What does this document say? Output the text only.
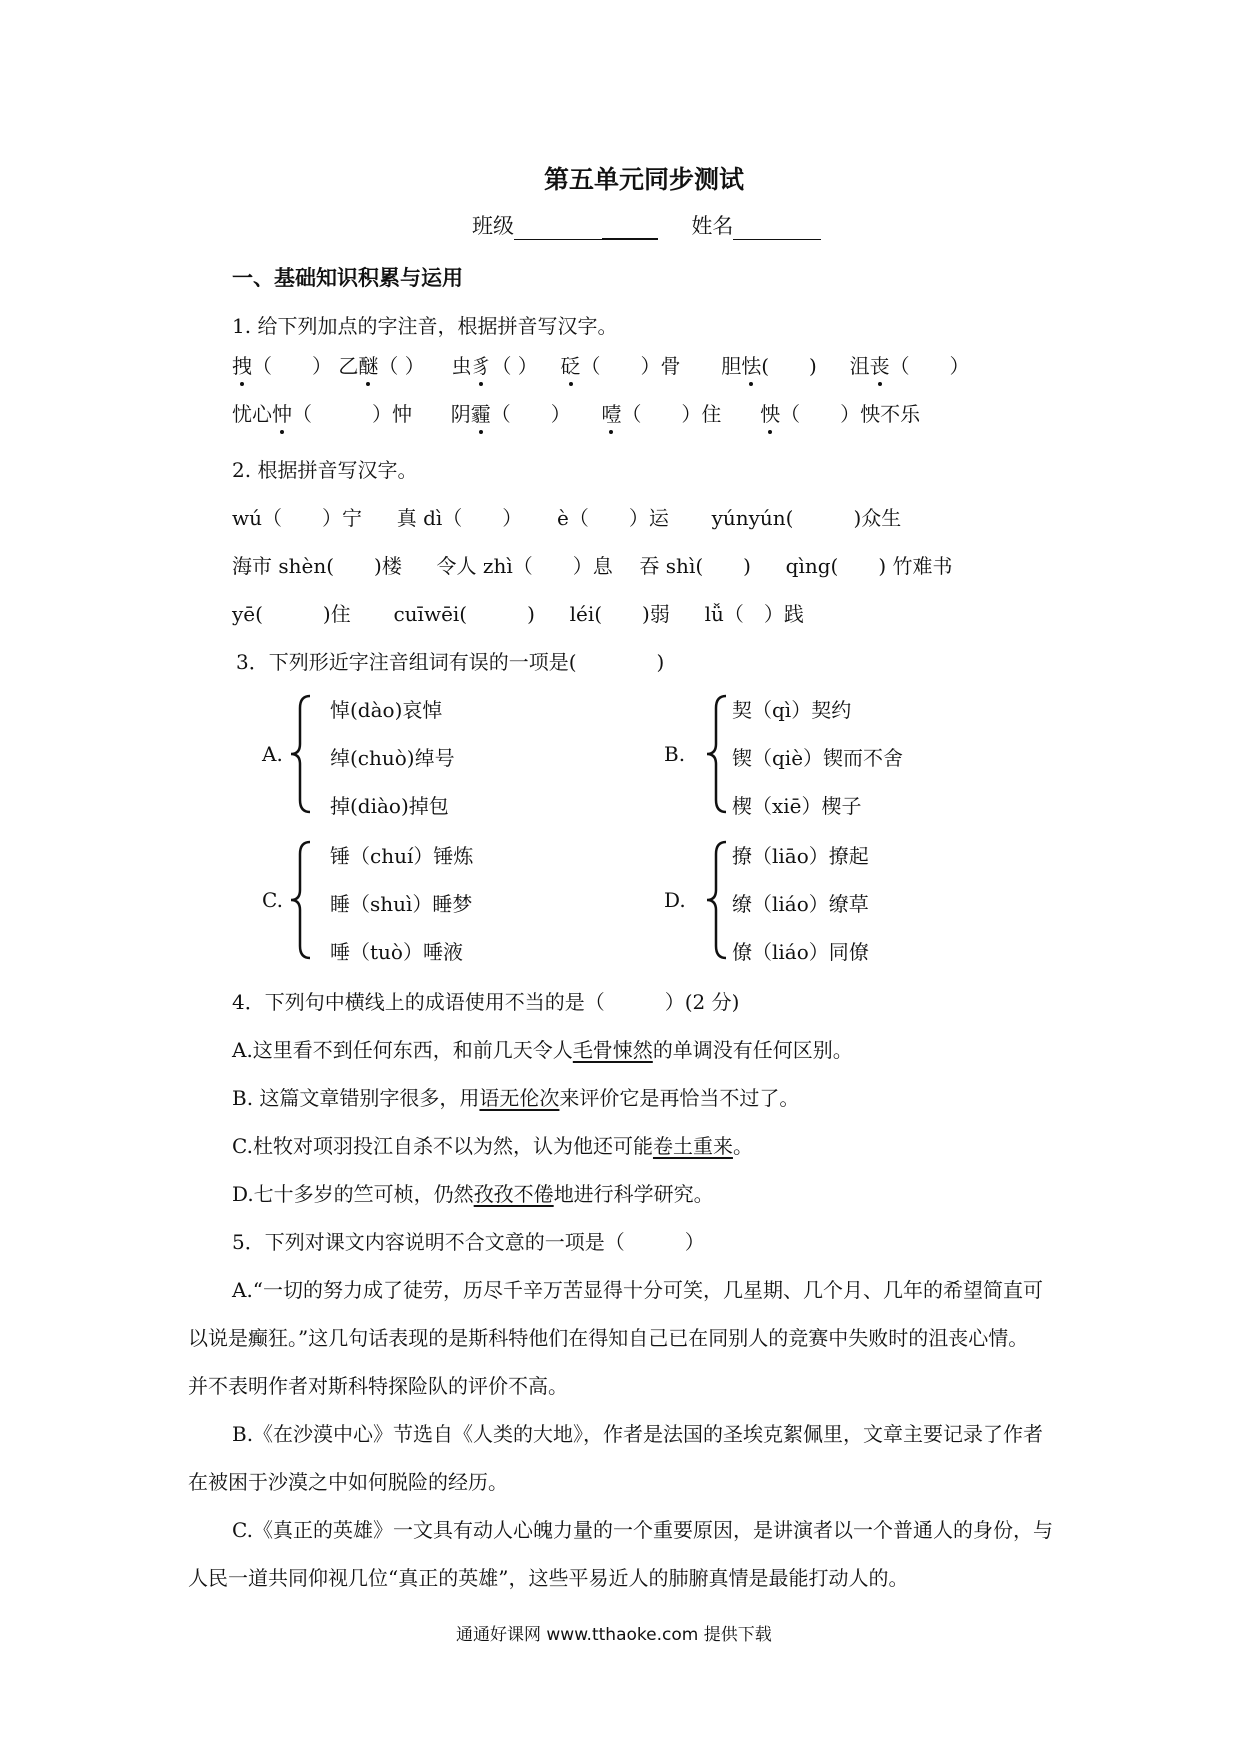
第五单元同步测试
班级	姓名
一、基础知识积累与运用
1. 给下列加点的字注音，根据拼音写汉字。
拽（　　） 乙醚（ ） 虫豸（ ） 砭（　　）骨 胆怯(　　) 沮丧（　　）
忧心忡（　　　）忡 阴霾（　　） 噎（　　）住 怏（　　）怏不乐
2. 根据拼音写汉字。
wú（　　）宁 真 dì（　　） è（　　）运 yúnyún(　　　)众生
海市 shèn(　　)楼 令人 zhì（　　）息 吞 shì(　　) qìng(　　) 竹难书
yē(　　　)住 cuīwēi(　　　) léi(　　)弱 lǚ（　）践
3．下列形近字注音组词有误的一项是(　　　　)
A.
悼(dào)哀悼
绰(chuò)绰号
掉(diào)掉包
B.
契（qì）契约
锲（qiè）锲而不舍
楔（xiē）楔子
C.
锤（chuí）锤炼
睡（shuì）睡梦
唾（tuò）唾液
D.
撩（liāo）撩起
缭（liáo）缭草
僚（liáo）同僚
4．下列句中横线上的成语使用不当的是（　　　）(2 分)
A.这里看不到任何东西，和前几天令人毛骨悚然的单调没有任何区别。
B. 这篇文章错别字很多，用语无伦次来评价它是再恰当不过了。
C.杜牧对项羽投江自杀不以为然，认为他还可能卷土重来。
D.七十多岁的竺可桢，仍然孜孜不倦地进行科学研究。
5．下列对课文内容说明不合文意的一项是（　　　）
A.“一切的努力成了徒劳，历尽千辛万苦显得十分可笑，几星期、几个月、几年的希望简直可
以说是癫狂。”这几句话表现的是斯科特他们在得知自己已在同别人的竞赛中失败时的沮丧心情。
并不表明作者对斯科特探险队的评价不高。
B.《在沙漠中心》节选自《人类的大地》，作者是法国的圣埃克絮佩里，文章主要记录了作者
在被困于沙漠之中如何脱险的经历。
C.《真正的英雄》一文具有动人心魄力量的一个重要原因，是讲演者以一个普通人的身份，与
人民一道共同仰视几位“真正的英雄”，这些平易近人的肺腑真情是最能打动人的。
通通好课网 www.tthaoke.com 提供下载
